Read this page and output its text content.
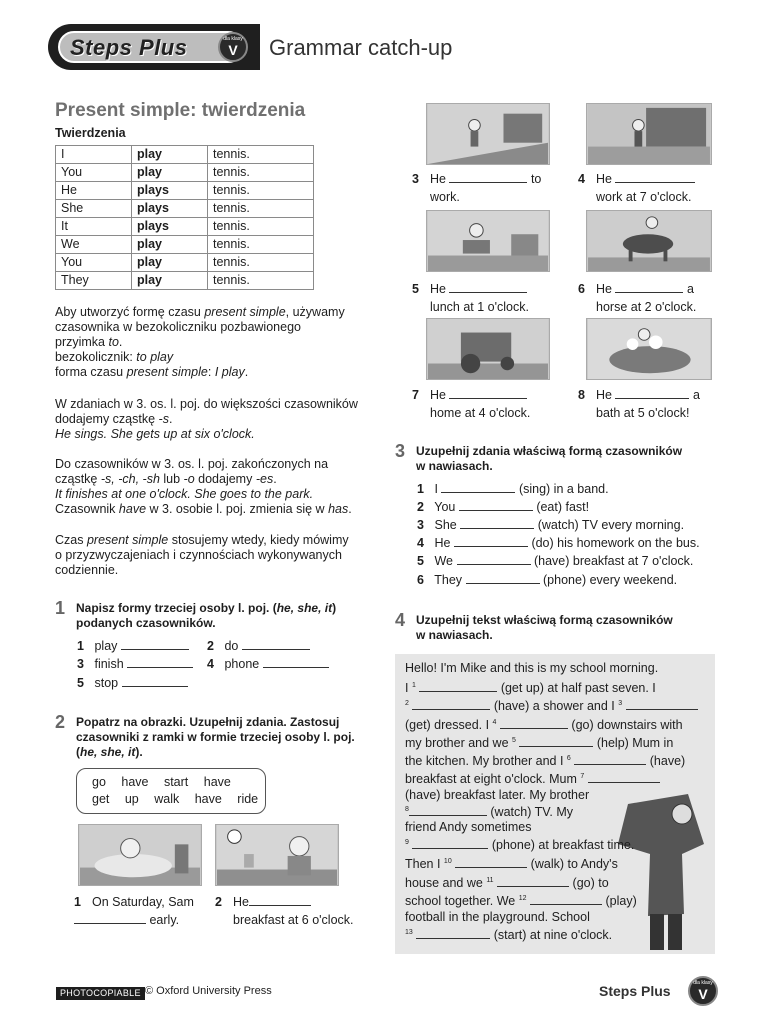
Steps Plus	dla klasy
V	Grammar catch-up
Present simple: twierdzenia
Twierdzenia
I	play	tennis.
You	play	tennis.
He	plays	tennis.
She	plays	tennis.
It	plays	tennis.
We	play	tennis.
You	play	tennis.
They	play	tennis.
Aby utworzyć formę czasu present simple, używamy
czasownika w bezokoliczniku pozbawionego
przyimka to.
bezokolicznik: to play
forma czasu present simple: I play.
W zdaniach w 3. os. l. poj. do większości czasowników
dodajemy cząstkę -s.
He sings. She gets up at six o'clock.
Do czasowników w 3. os. l. poj. zakończonych na
cząstkę -s, -ch, -sh lub -o dodajemy -es.
It finishes at one o'clock. She goes to the park.
Czasownik have w 3. osobie l. poj. zmienia się w has.
Czas present simple stosujemy wtedy, kiedy mówimy
o przyzwyczajeniach i czynnościach wykonywanych
codziennie.
1 Napisz formy trzeciej osoby l. poj. (he, she, it)
podanych czasowników.
1 play	2 do
3 finish	4 phone
5 stop
2 Popatrz na obrazki. Uzupełnij zdania. Zastosuj
czasowniki z ramki w formie trzeciej osoby l. poj.
(he, she, it).
go have start have
get up walk have ride
1 On Saturday, Sam
early.
2 He
breakfast at 6 o'clock.
3 He	to
work.
4 He
work at 7 o'clock.
5 He
lunch at 1 o'clock.
6 He	a
horse at 2 o'clock.
7 He
home at 4 o'clock.
8 He	a
bath at 5 o'clock!
3 Uzupełnij zdania właściwą formą czasowników
w nawiasach.
1 I	(sing) in a band.
2 You	(eat) fast!
3 She	(watch) TV every morning.
4 He	(do) his homework on the bus.
5 We	(have) breakfast at 7 o'clock.
6 They	(phone) every weekend.
4 Uzupełnij tekst właściwą formą czasowników
w nawiasach.
Hello! I'm Mike and this is my school morning.
I $^1$	(get up) at half past seven. I
$^2$	(have) a shower and I $^3$
(get) dressed. I $^4$	(go) downstairs with
my brother and we $^5$	(help) Mum in
the kitchen. My brother and I $^6$	(have)
breakfast at eight o'clock. Mum $^7$
(have) breakfast later. My brother
$^8$	(watch) TV. My
friend Andy sometimes
$^9$	(phone) at breakfast time.
Then I $^{10}$	(walk) to Andy's
house and we $^{11}$	(go) to
school together. We $^{12}$	(play)
football in the playground. School
$^{13}$	(start) at nine o'clock.
PHOTOCOPIABLE © Oxford University Press	Steps Plus	dla klasy
V
